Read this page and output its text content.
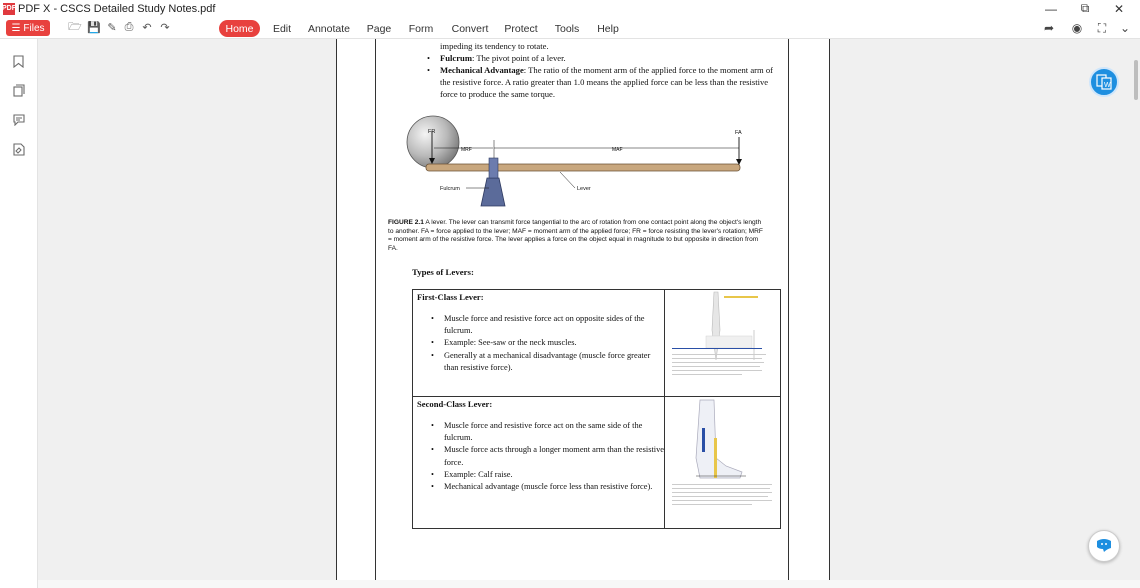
PDF PDF X - CSCS Detailed Study Notes.pdf	—	⧉	✕
☰ Files 🗁 💾 ✎ ⎙ ↶ ↷	Home	Edit	Annotate Page Form Convert Protect Tools Help	➦ ◉	⛶	⌄
impeding its tendency to rotate.
• Fulcrum: The pivot point of a lever.
• Mechanical Advantage: The ratio of the moment arm of the applied force to the moment arm of the resistive force. A ratio greater than 1.0 means the applied force can be less than the resistive force to produce the same torque.
FR	FA
MRF	MAF
Fulcrum	Lever
FIGURE 2.1 A lever. The lever can transmit force tangential to the arc of rotation from one contact point along the object's length to another. FA = force applied to the lever; MAF = moment arm of the applied force; FR = force resisting the lever's rotation; MRF = moment arm of the resistive force. The lever applies a force on the object equal in magnitude to but opposite in direction from FA.
Types of Levers:
First-Class Lever:
• Muscle force and resistive force act on opposite sides of the fulcrum.
• Example: See-saw or the neck muscles.
• Generally at a mechanical disadvantage (muscle force greater than resistive force).
Second-Class Lever:
• Muscle force and resistive force act on the same side of the fulcrum.
• Muscle force acts through a longer moment arm than the resistive force.
• Example: Calf raise.
• Mechanical advantage (muscle force less than resistive force).
W
